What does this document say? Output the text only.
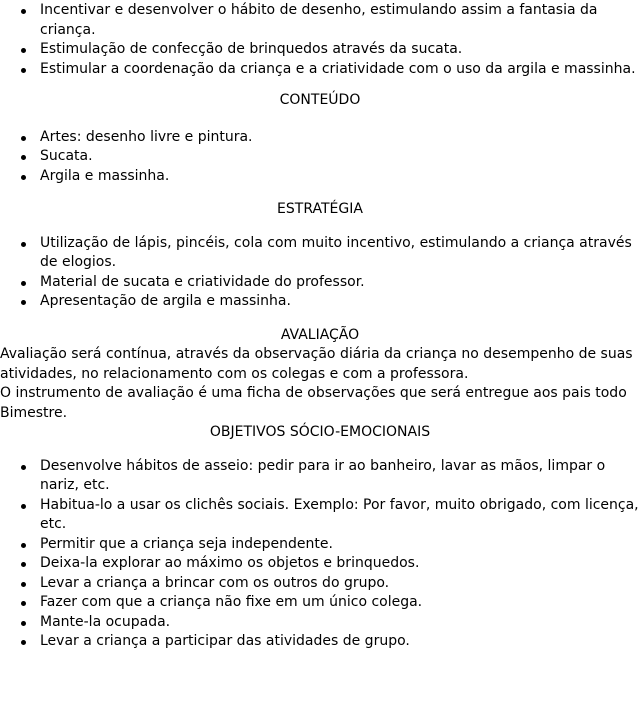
Incentivar e desenvolver o hábito de desenho, estimulando assim a fantasia da criança.
Estimulação de confecção de brinquedos através da sucata.
Estimular a coordenação da criança e a criatividade com o uso da argila e massinha.

CONTEÚDO

Artes: desenho livre e pintura.
Sucata.
Argila e massinha.

ESTRATÉGIA

Utilização de lápis, pincéis, cola com muito incentivo, estimulando a criança através de elogios.
Material de sucata e criatividade do professor.
Apresentação de argila e massinha.

AVALIAÇÃO

Avaliação será contínua, através da observação diária da criança no desempenho de suas atividades, no relacionamento com os colegas e com a professora.

O instrumento de avaliação é uma ficha de observações que será entregue aos pais todo Bimestre.

OBJETIVOS SÓCIO-EMOCIONAIS

Desenvolve hábitos de asseio: pedir para ir ao banheiro, lavar as mãos, limpar o nariz, etc.
Habitua-lo a usar os clichês sociais. Exemplo: Por favor, muito obrigado, com licença, etc.
Permitir que a criança seja independente.
Deixa-la explorar ao máximo os objetos e brinquedos.
Levar a criança a brincar com os outros do grupo.
Fazer com que a criança não fixe em um único colega.
Mante-la ocupada.
Levar a criança a participar das atividades de grupo.
